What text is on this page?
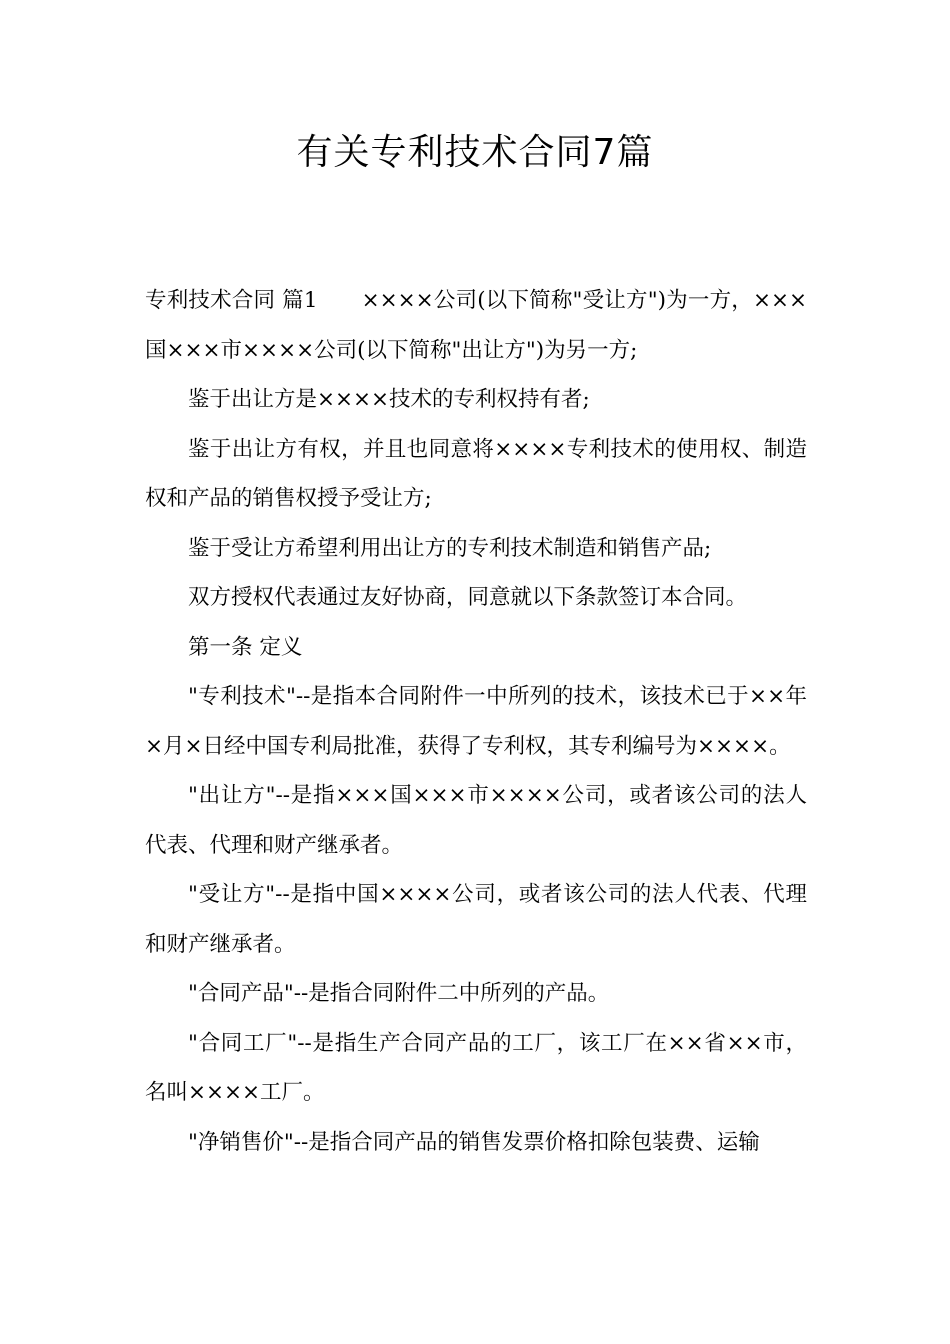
有关专利技术合同7篇

专利技术合同 篇1 ××××公司(以下简称"受让方")为一方，×××国×××市××××公司(以下简称"出让方")为另一方;

鉴于出让方是××××技术的专利权持有者;

鉴于出让方有权，并且也同意将××××专利技术的使用权、制造权和产品的销售权授予受让方;

鉴于受让方希望利用出让方的专利技术制造和销售产品;

双方授权代表通过友好协商，同意就以下条款签订本合同。

第一条 定义

"专利技术"--是指本合同附件一中所列的技术，该技术已于××年×月×日经中国专利局批准，获得了专利权，其专利编号为××××。

"出让方"--是指×××国×××市××××公司，或者该公司的法人代表、代理和财产继承者。

"受让方"--是指中国××××公司，或者该公司的法人代表、代理和财产继承者。

"合同产品"--是指合同附件二中所列的产品。

"合同工厂"--是指生产合同产品的工厂，该工厂在××省××市，名叫××××工厂。

"净销售价"--是指合同产品的销售发票价格扣除包装费、运输
